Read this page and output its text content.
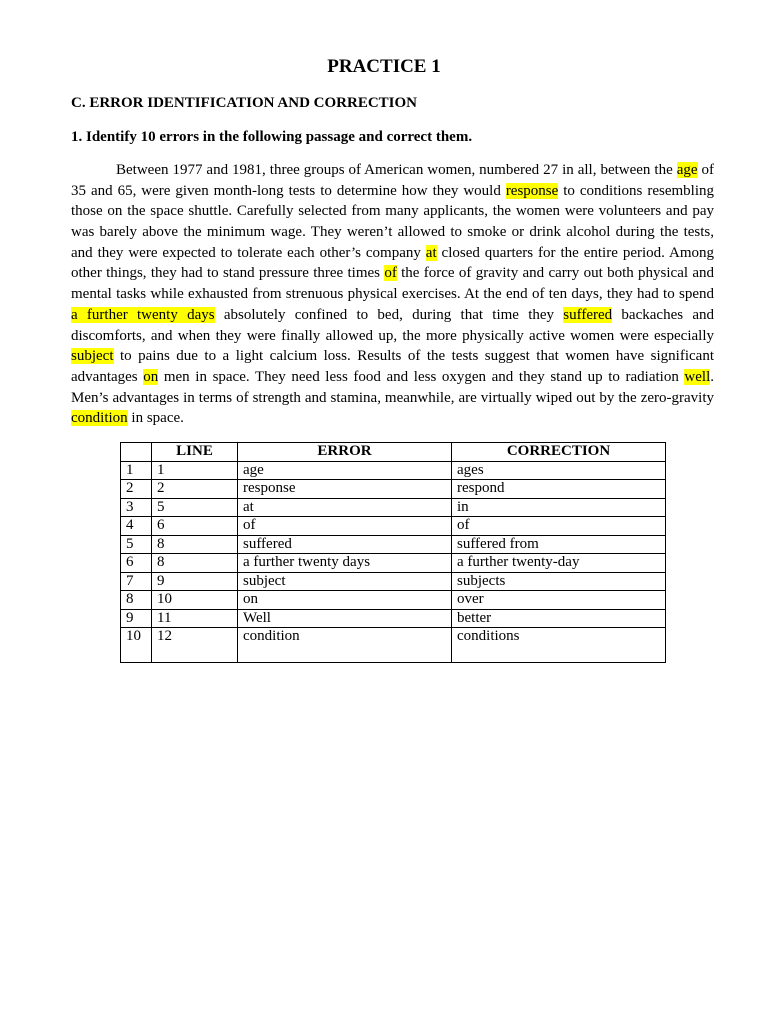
PRACTICE 1
C. ERROR IDENTIFICATION AND CORRECTION
1. Identify 10 errors in the following passage and correct them.
Between 1977 and 1981, three groups of American women, numbered 27 in all, between the age of
35 and 65, were given month-long tests to determine how they would response to conditions resembling
those on the space shuttle. Carefully selected from many applicants, the women were volunteers and pay
was barely above the minimum wage. They weren’t allowed to smoke or drink alcohol during the tests,
and they were expected to tolerate each other’s company at closed quarters for the entire period. Among
other things, they had to stand pressure three times of the force of gravity and carry out both physical and
mental tasks while exhausted from strenuous physical exercises. At the end of ten days, they had to spend
a further twenty days absolutely confined to bed, during that time they suffered backaches and
discomforts, and when they were finally allowed up, the more physically active women were especially
subject to pains due to a light calcium loss. Results of the tests suggest that women have significant
advantages on men in space. They need less food and less oxygen and they stand up to radiation well.
Men’s advantages in terms of strength and stamina, meanwhile, are virtually wiped out by the zero-gravity
condition in space.
	LINE	ERROR	CORRECTION
1	1	age	ages
2	2	response	respond
3	5	at	in
4	6	of	of
5	8	suffered	suffered from
6	8	a further twenty days	a further twenty-day
7	9	subject	subjects
8	10	on	over
9	11	Well	better
10	12	condition	conditions
